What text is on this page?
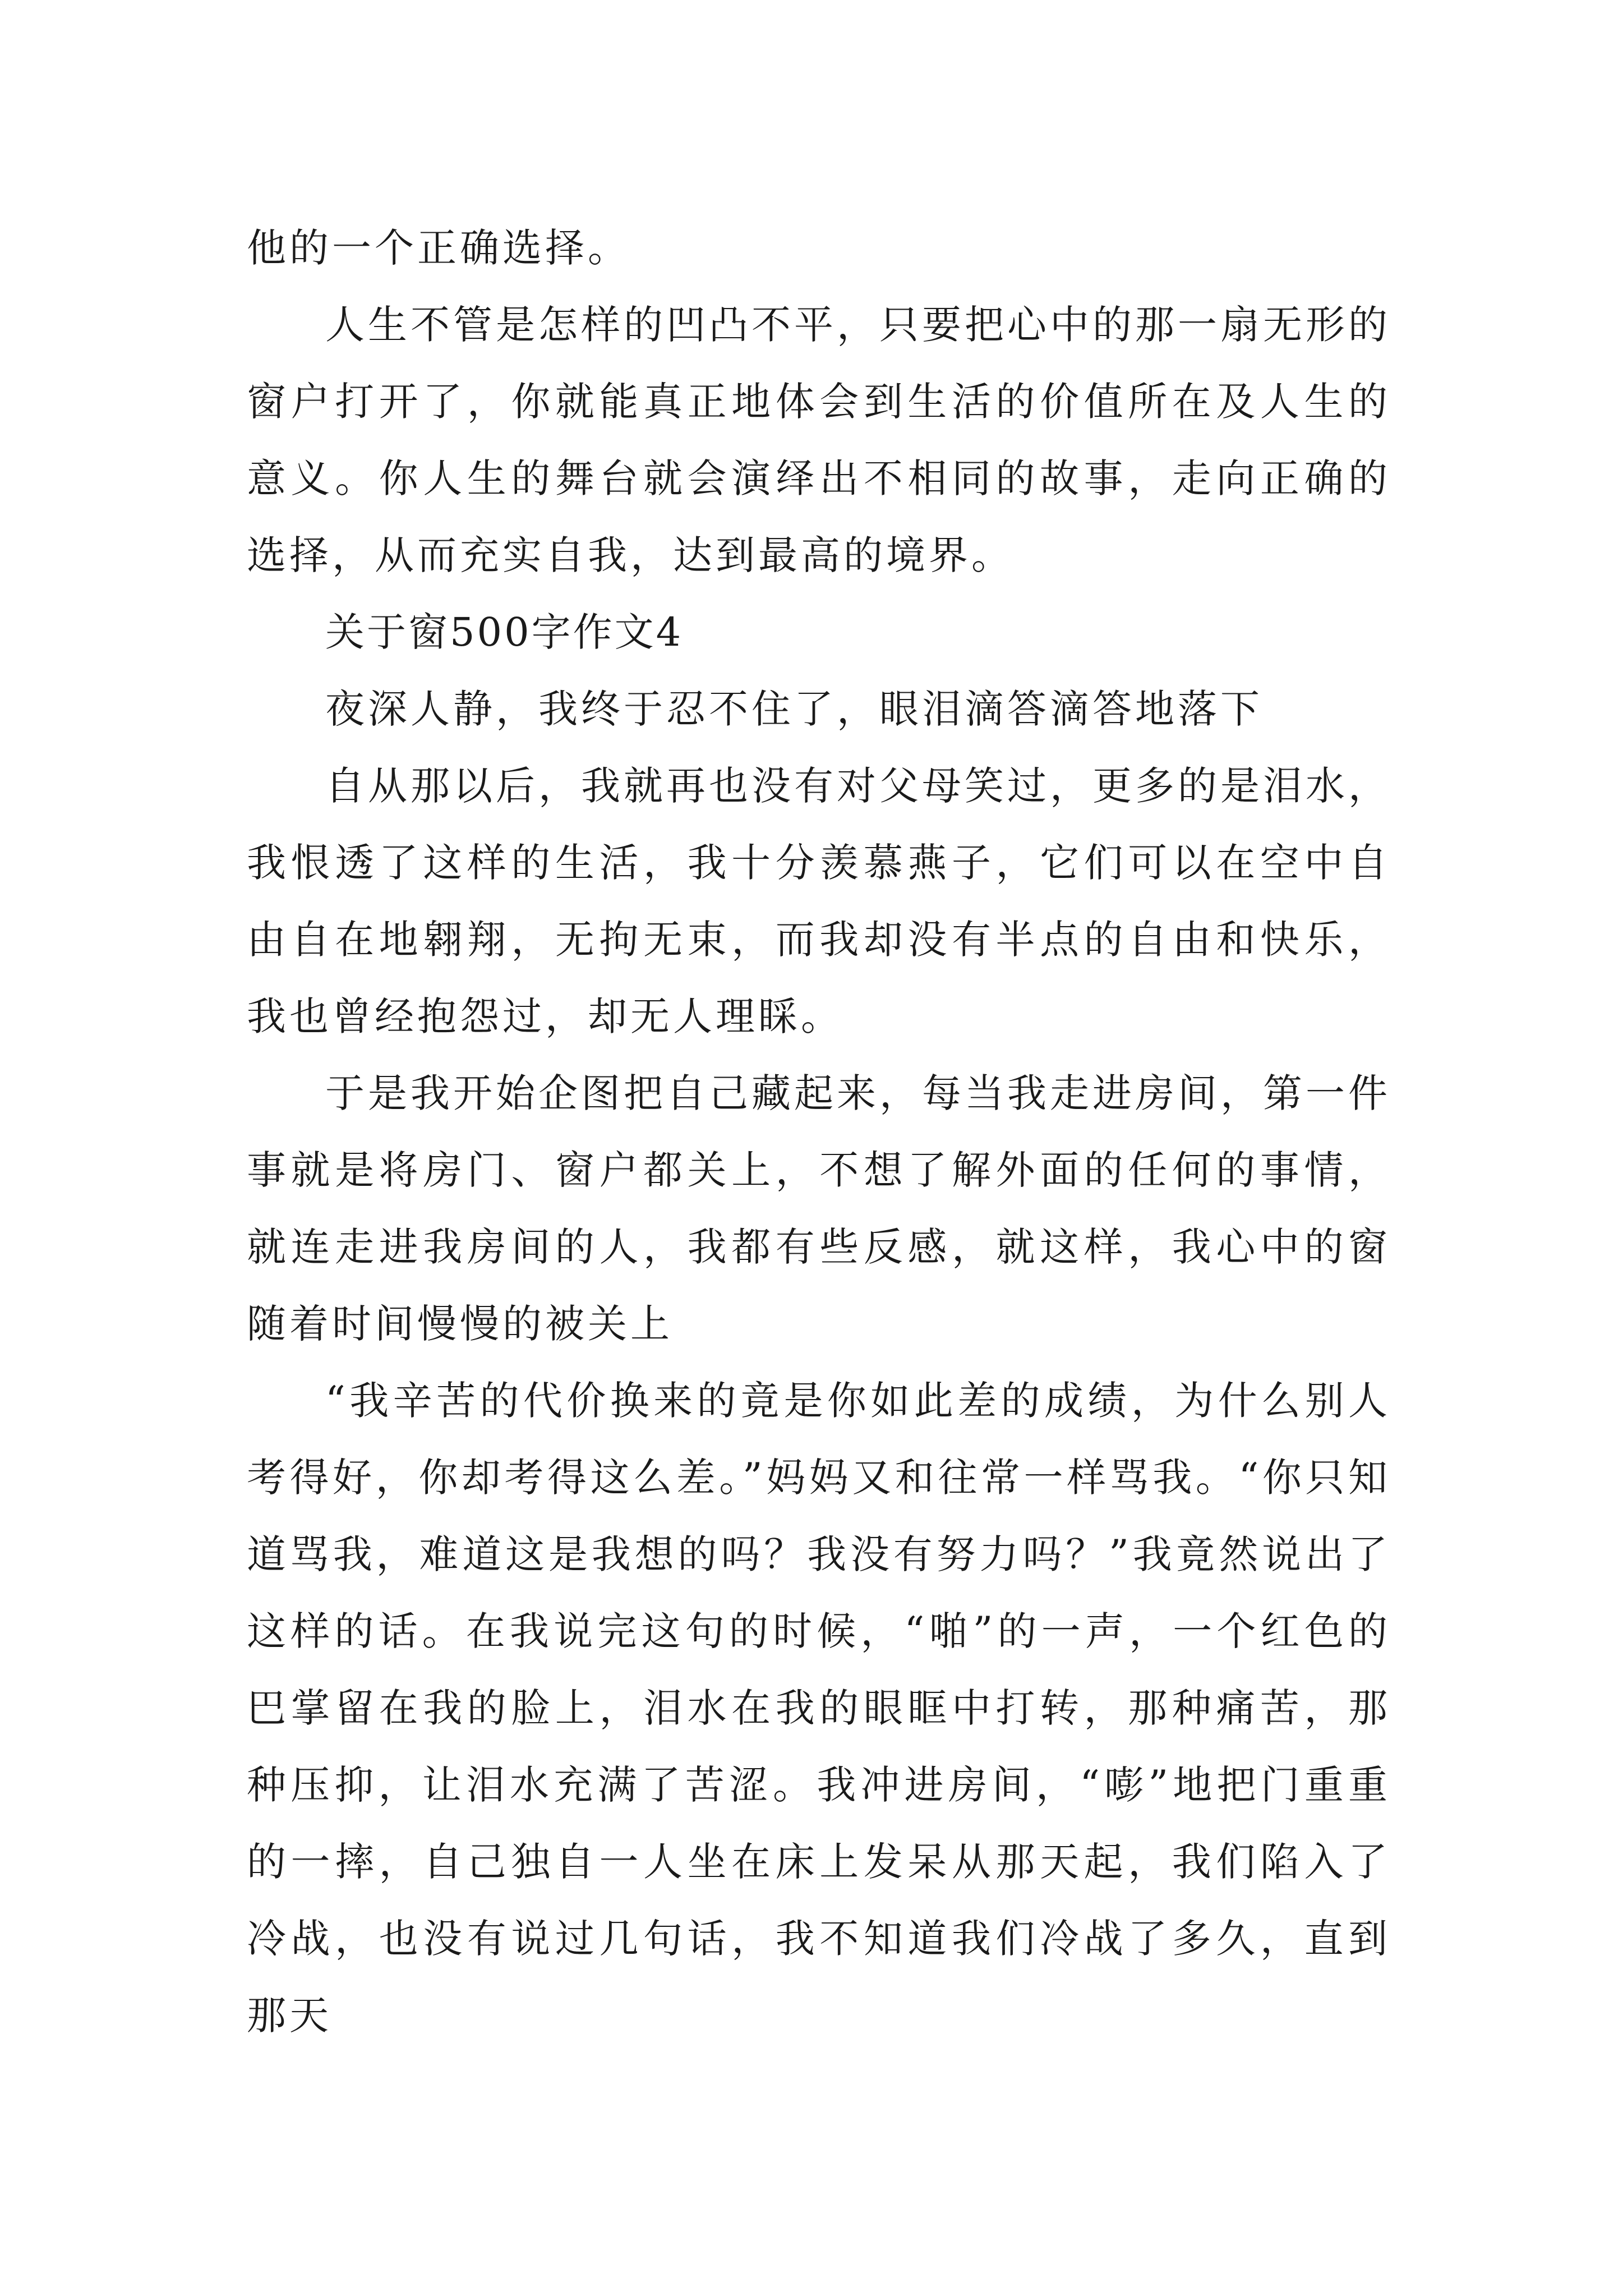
他的一个正确选择。

人生不管是怎样的凹凸不平，只要把心中的那一扇无形的窗户打开了，你就能真正地体会到生活的价值所在及人生的意义。你人生的舞台就会演绎出不相同的故事，走向正确的选择，从而充实自我，达到最高的境界。

关于窗500字作文4

夜深人静，我终于忍不住了，眼泪滴答滴答地落下

自从那以后，我就再也没有对父母笑过，更多的是泪水，我恨透了这样的生活，我十分羡慕燕子，它们可以在空中自由自在地翱翔，无拘无束，而我却没有半点的自由和快乐，我也曾经抱怨过，却无人理睬。

于是我开始企图把自己藏起来，每当我走进房间，第一件事就是将房门、窗户都关上，不想了解外面的任何的事情，就连走进我房间的人，我都有些反感，就这样，我心中的窗随着时间慢慢的被关上

“我辛苦的代价换来的竟是你如此差的成绩，为什么别人考得好，你却考得这么差。”妈妈又和往常一样骂我。“你只知道骂我，难道这是我想的吗？我没有努力吗？”我竟然说出了这样的话。在我说完这句的时候，“啪”的一声，一个红色的巴掌留在我的脸上，泪水在我的眼眶中打转，那种痛苦，那种压抑，让泪水充满了苦涩。我冲进房间，“嘭”地把门重重的一摔，自己独自一人坐在床上发呆从那天起，我们陷入了冷战，也没有说过几句话，我不知道我们冷战了多久，直到那天
